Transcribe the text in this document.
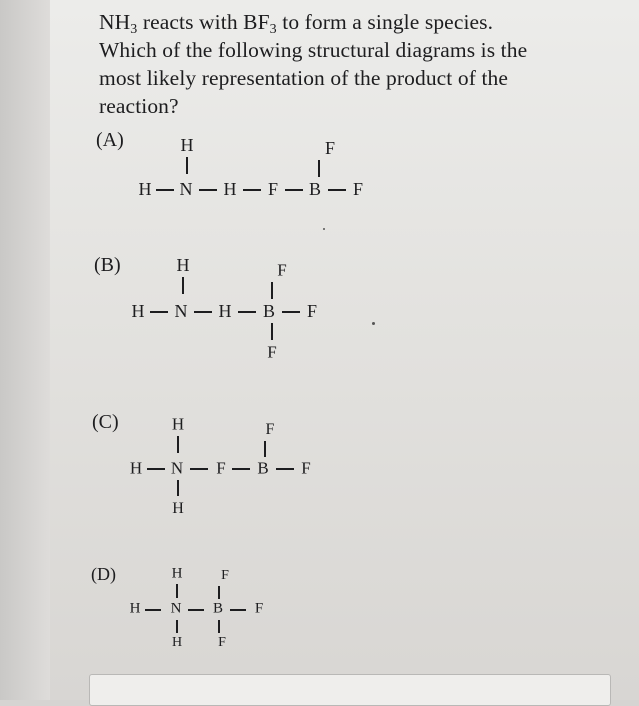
$NH_3$ reacts with $BF_3$ to form a single species.
Which of the following structural diagrams is the
most likely representation of the product of the
reaction?
(A)	H
H N H F B F
F
(B)	H
H N H B F
F
F
(C)	H
H N F B F
F
H
(D)	H
H N B F
F
H	F
